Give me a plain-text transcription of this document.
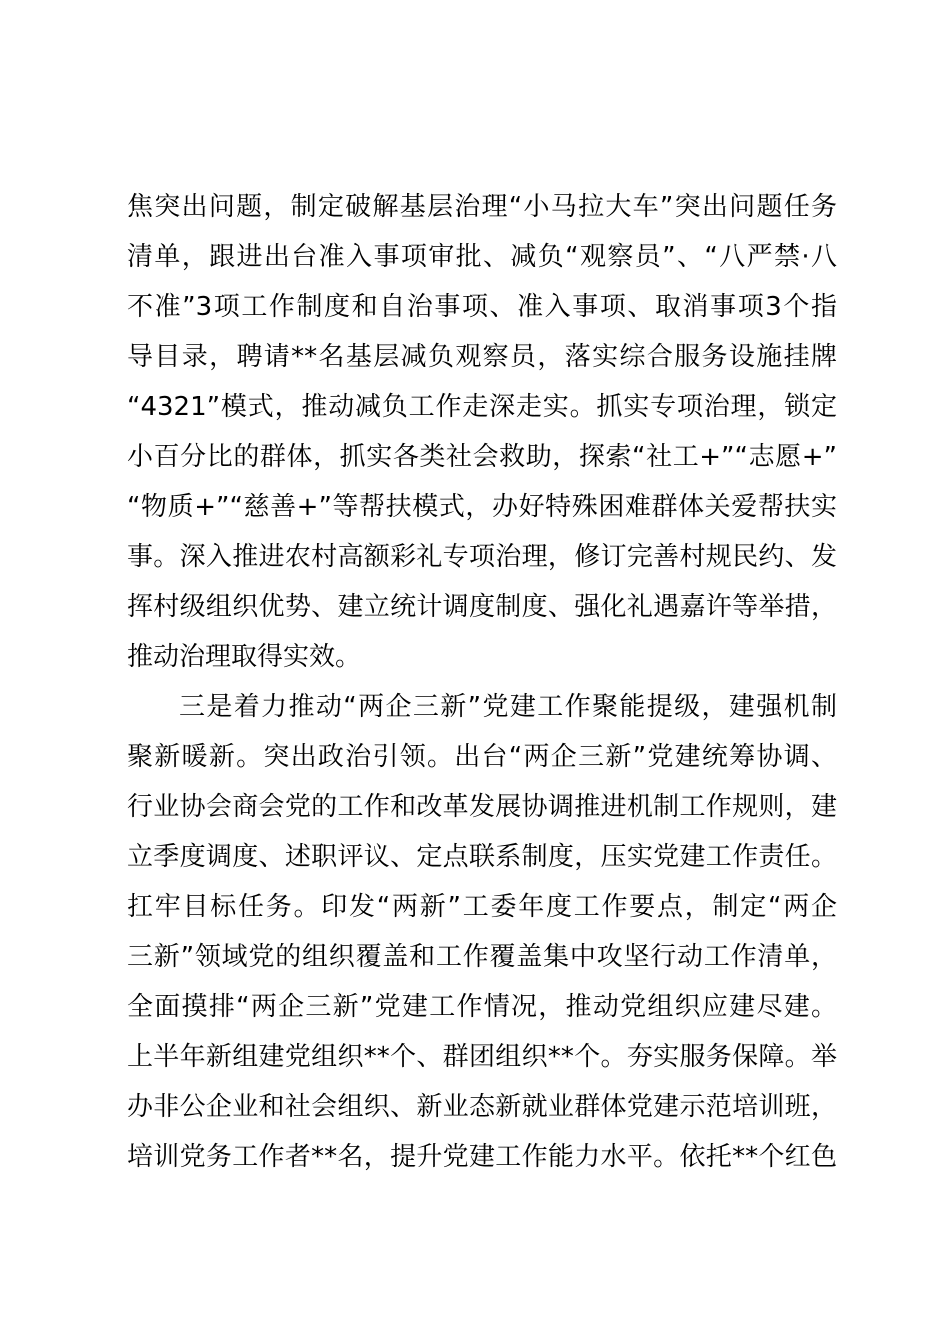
焦突出问题，制定破解基层治理“小马拉大车”突出问题任务
清单，跟进出台准入事项审批、减负“观察员”、“八严禁·八
不准”3项工作制度和自治事项、准入事项、取消事项3个指
导目录，聘请**名基层减负观察员，落实综合服务设施挂牌
“4321”模式，推动减负工作走深走实。抓实专项治理，锁定
小百分比的群体，抓实各类社会救助，探索“社工+”“志愿+”
“物质+”“慈善+”等帮扶模式，办好特殊困难群体关爱帮扶实
事。深入推进农村高额彩礼专项治理，修订完善村规民约、发
挥村级组织优势、建立统计调度制度、强化礼遇嘉许等举措，
推动治理取得实效。
三是着力推动“两企三新”党建工作聚能提级，建强机制
聚新暖新。突出政治引领。出台“两企三新”党建统筹协调、
行业协会商会党的工作和改革发展协调推进机制工作规则，建
立季度调度、述职评议、定点联系制度，压实党建工作责任。
扛牢目标任务。印发“两新”工委年度工作要点，制定“两企
三新”领域党的组织覆盖和工作覆盖集中攻坚行动工作清单，
全面摸排“两企三新”党建工作情况，推动党组织应建尽建。
上半年新组建党组织**个、群团组织**个。夯实服务保障。举
办非公企业和社会组织、新业态新就业群体党建示范培训班，
培训党务工作者**名，提升党建工作能力水平。依托**个红色
